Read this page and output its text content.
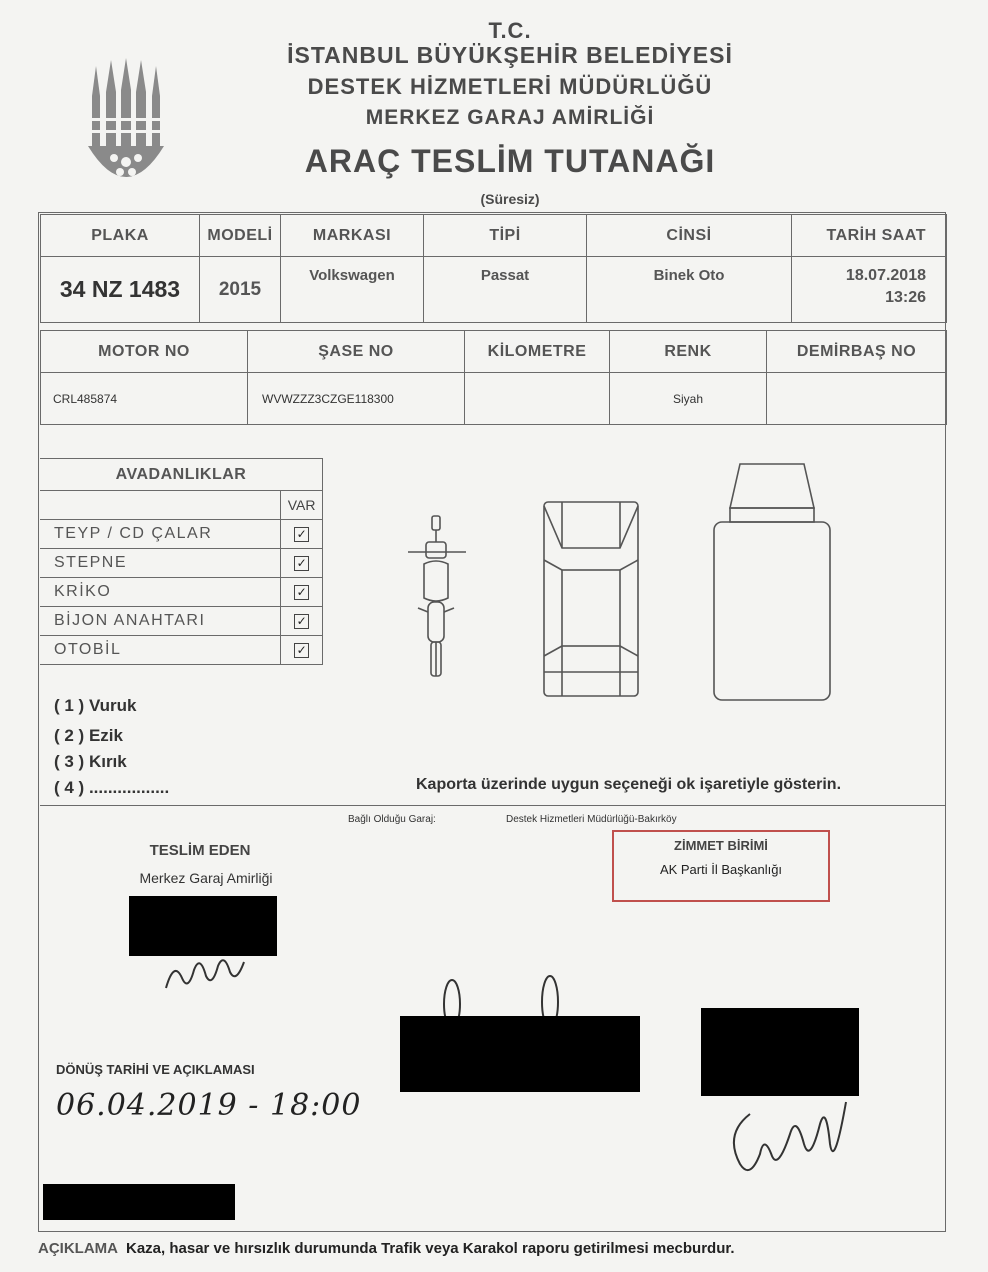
T.C.
İSTANBUL BÜYÜKŞEHİR BELEDİYESİ
DESTEK HİZMETLERİ MÜDÜRLÜĞÜ
MERKEZ GARAJ AMİRLİĞİ
ARAÇ TESLİM TUTANAĞI
(Süresiz)
PLAKA	MODELİ	MARKASI	TİPİ	CİNSİ	TARİH SAAT
34 NZ 1483	2015	Volkswagen	Passat	Binek Oto	18.07.2018
13:26
MOTOR NO	ŞASE NO	KİLOMETRE	RENK	DEMİRBAŞ NO
CRL485874	WVWZZZ3CZGE118300		Siyah	
AVADANLIKLAR	
	VAR
TEYP / CD ÇALAR	✓
STEPNE	✓
KRİKO	✓
BİJON ANAHTARI	✓
OTOBİL	✓
( 1 ) Vuruk
( 2 ) Ezik
( 3 ) Kırık
( 4 ) .................	Kaporta üzerinde uygun seçeneği ok işaretiyle gösterin.
Bağlı Olduğu Garaj:	Destek Hizmetleri Müdürlüğü-Bakırköy
TESLİM EDEN
Merkez Garaj Amirliği
ZİMMET BİRİMİ
AK Parti İl Başkanlığı
DÖNÜŞ TARİHİ VE AÇIKLAMASI
06.04.2019 - 18:00
AÇIKLAMA Kaza, hasar ve hırsızlık durumunda Trafik veya Karakol raporu getirilmesi mecburdur.
